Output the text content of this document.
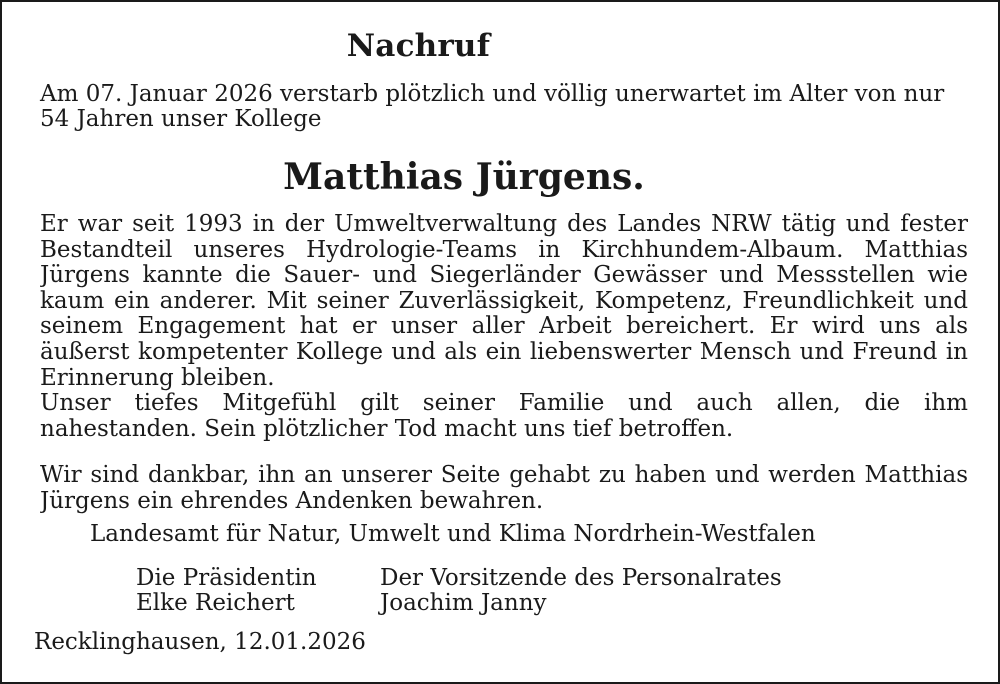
Nachruf

Am 07. Januar 2026 verstarb plötzlich und völlig unerwartet im Alter von nur
54 Jahren unser Kollege

Matthias Jürgens.
Er war seit 1993 in der Umweltverwaltung des Landes NRW tätig und fester
Bestandteil unseres Hydrologie-Teams in Kirchhundem-Albaum. Matthias
Jürgens kannte die Sauer- und Siegerländer Gewässer und Messstellen wie
kaum ein anderer. Mit seiner Zuverlässigkeit, Kompetenz, Freundlichkeit und
seinem Engagement hat er unser aller Arbeit bereichert. Er wird uns als
äußerst kompetenter Kollege und als ein liebenswerter Mensch und Freund in
Erinnerung bleiben.
Unser tiefes Mitgefühl gilt seiner Familie und auch allen, die ihm
nahestanden. Sein plötzlicher Tod macht uns tief betroffen.
Wir sind dankbar, ihn an unserer Seite gehabt zu haben und werden Matthias
Jürgens ein ehrendes Andenken bewahren.
Landesamt für Natur, Umwelt und Klima Nordrhein-Westfalen
Die Präsidentin
Elke Reichert
Der Vorsitzende des Personalrates
Joachim Janny
Recklinghausen, 12.01.2026
